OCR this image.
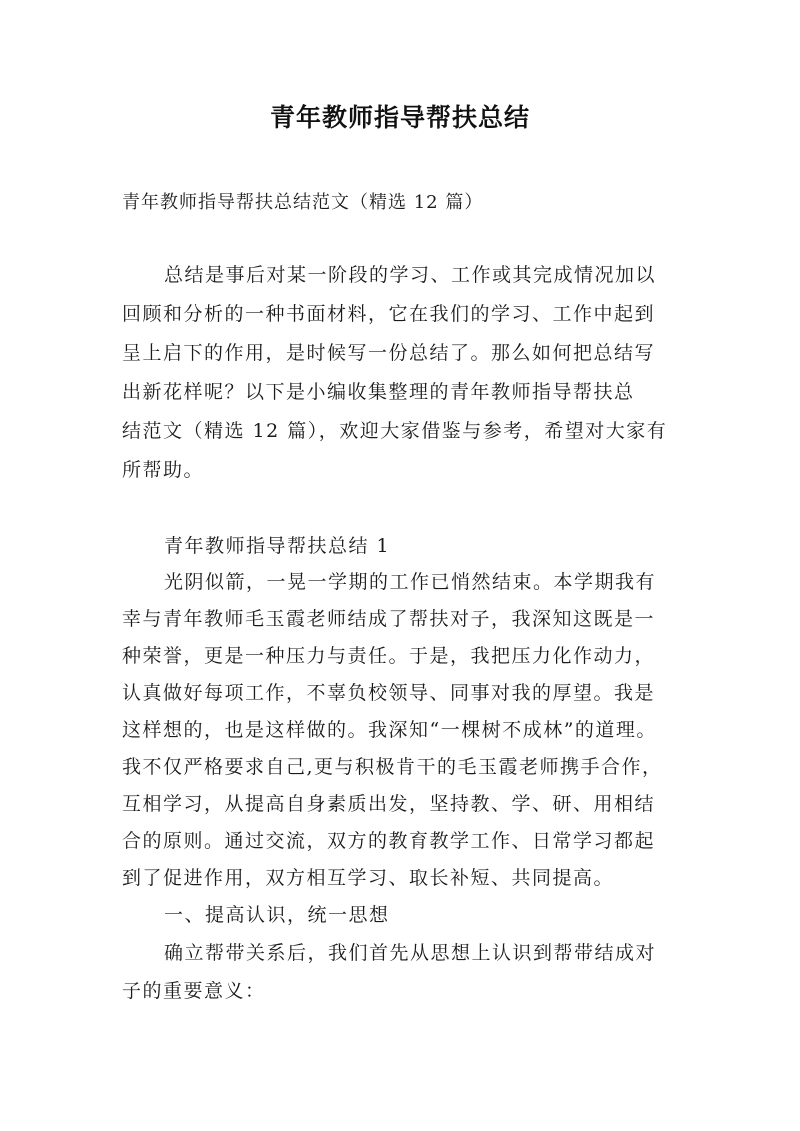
青年教师指导帮扶总结
青年教师指导帮扶总结范文（精选 12 篇）
总结是事后对某一阶段的学习、工作或其完成情况加以
回顾和分析的一种书面材料，它在我们的学习、工作中起到
呈上启下的作用，是时候写一份总结了。那么如何把总结写
出新花样呢？以下是小编收集整理的青年教师指导帮扶总
结范文（精选 12 篇），欢迎大家借鉴与参考，希望对大家有
所帮助。
青年教师指导帮扶总结 1
光阴似箭，一晃一学期的工作已悄然结束。本学期我有
幸与青年教师毛玉霞老师结成了帮扶对子，我深知这既是一
种荣誉，更是一种压力与责任。于是，我把压力化作动力，
认真做好每项工作，不辜负校领导、同事对我的厚望。我是
这样想的，也是这样做的。我深知“一棵树不成林”的道理。
我不仅严格要求自己,更与积极肯干的毛玉霞老师携手合作，
互相学习，从提高自身素质出发，坚持教、学、研、用相结
合的原则。通过交流，双方的教育教学工作、日常学习都起
到了促进作用，双方相互学习、取长补短、共同提高。
一、提高认识，统一思想
确立帮带关系后，我们首先从思想上认识到帮带结成对
子的重要意义：
